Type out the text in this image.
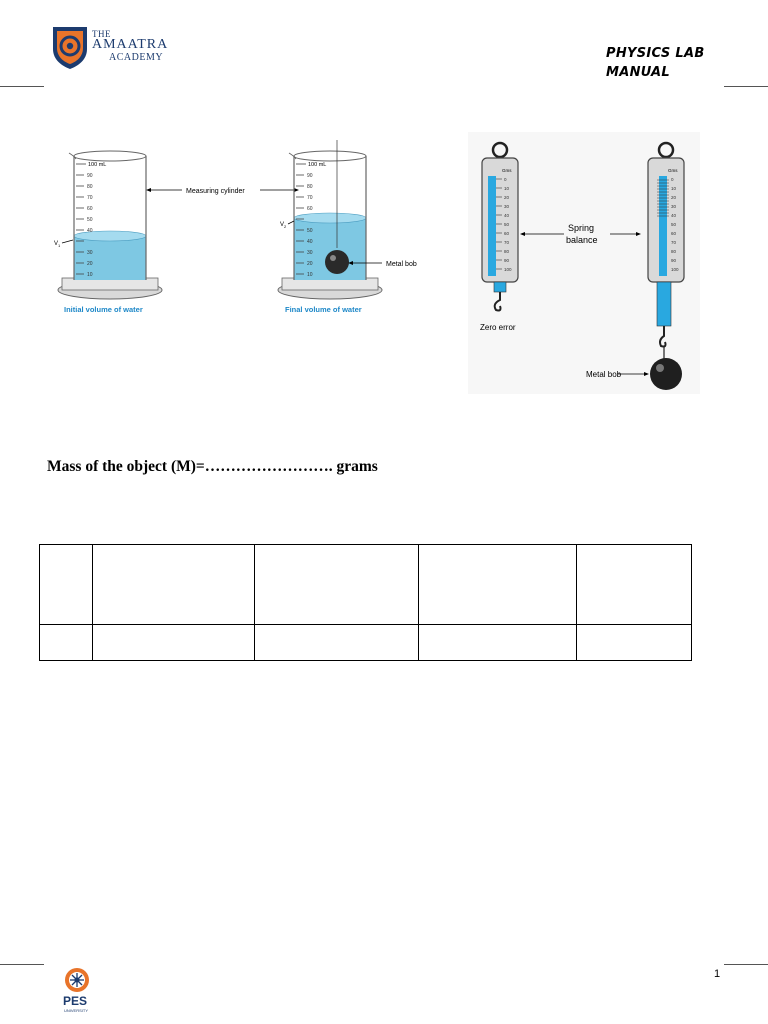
THE
AMAATRA
ACADEMY	PHYSICS LAB
MANUAL
100 mL
90
80
70
60
50
40
30
20
10
V 1
Measuring cylinder
100 mL
90
80
70
60
50
40
30
20
10
V 2
Metal bob
Initial volume of water	Final volume of water
Gms
0
10
20
30
40
50
60
70
80
90
100
Zero error
Spring
balance
Gms
0
10
20
30
40
50
60
70
80
90
100
Metal bob
Mass of the object (M)=……………………. grams

PES
UNIVERSITY
1
